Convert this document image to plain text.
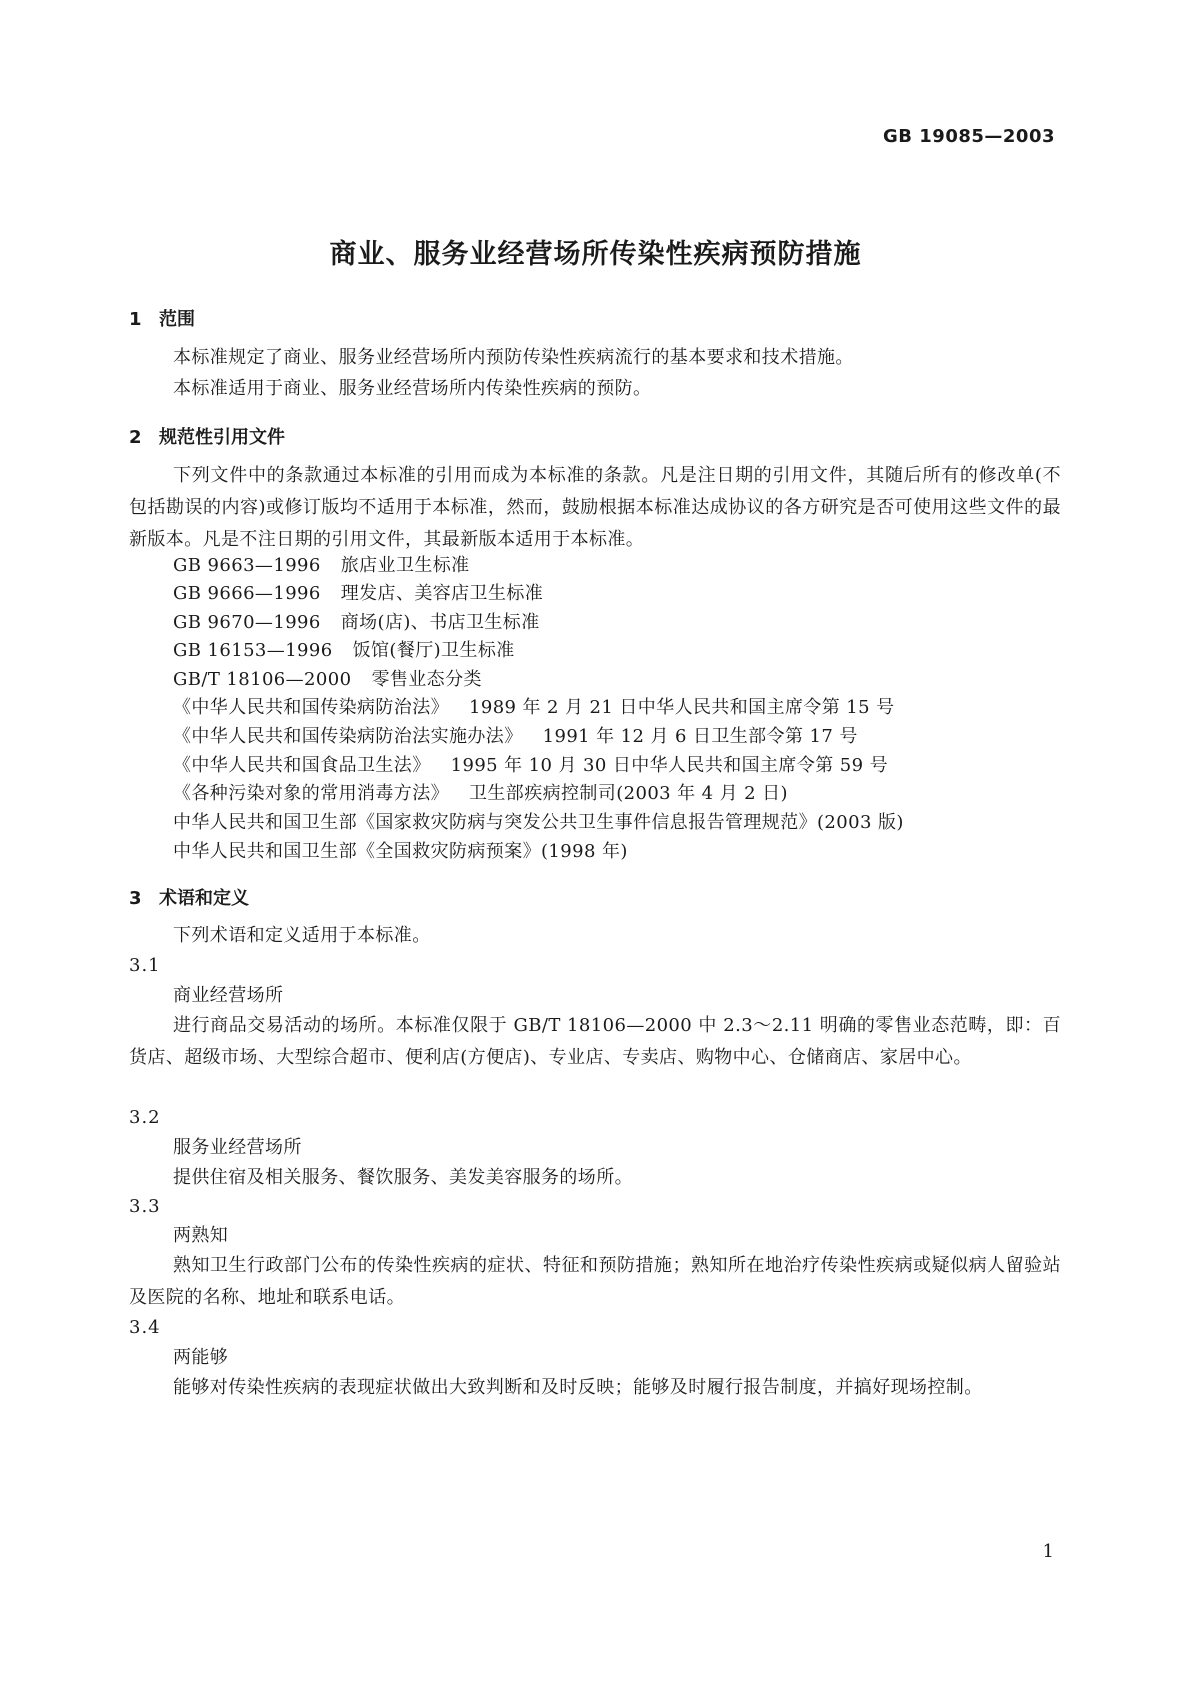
GB 19085—2003
商业、服务业经营场所传染性疾病预防措施
1 范围
本标准规定了商业、服务业经营场所内预防传染性疾病流行的基本要求和技术措施。
本标准适用于商业、服务业经营场所内传染性疾病的预防。
2 规范性引用文件
下列文件中的条款通过本标准的引用而成为本标准的条款。凡是注日期的引用文件，其随后所有的修改单(不包括勘误的内容)或修订版均不适用于本标准，然而，鼓励根据本标准达成协议的各方研究是否可使用这些文件的最新版本。凡是不注日期的引用文件，其最新版本适用于本标准。
GB 9663—1996 旅店业卫生标准
GB 9666—1996 理发店、美容店卫生标准
GB 9670—1996 商场(店)、书店卫生标准
GB 16153—1996 饭馆(餐厅)卫生标准
GB/T 18106—2000 零售业态分类
《中华人民共和国传染病防治法》 1989 年 2 月 21 日中华人民共和国主席令第 15 号
《中华人民共和国传染病防治法实施办法》 1991 年 12 月 6 日卫生部令第 17 号
《中华人民共和国食品卫生法》 1995 年 10 月 30 日中华人民共和国主席令第 59 号
《各种污染对象的常用消毒方法》 卫生部疾病控制司(2003 年 4 月 2 日)
中华人民共和国卫生部《国家救灾防病与突发公共卫生事件信息报告管理规范》(2003 版)
中华人民共和国卫生部《全国救灾防病预案》(1998 年)
3 术语和定义
下列术语和定义适用于本标准。
3.1
商业经营场所
进行商品交易活动的场所。本标准仅限于 GB/T 18106—2000 中 2.3～2.11 明确的零售业态范畴，即：百货店、超级市场、大型综合超市、便利店(方便店)、专业店、专卖店、购物中心、仓储商店、家居中心。
3.2
服务业经营场所
提供住宿及相关服务、餐饮服务、美发美容服务的场所。
3.3
两熟知
熟知卫生行政部门公布的传染性疾病的症状、特征和预防措施；熟知所在地治疗传染性疾病或疑似病人留验站及医院的名称、地址和联系电话。
3.4
两能够
能够对传染性疾病的表现症状做出大致判断和及时反映；能够及时履行报告制度，并搞好现场控制。
1
